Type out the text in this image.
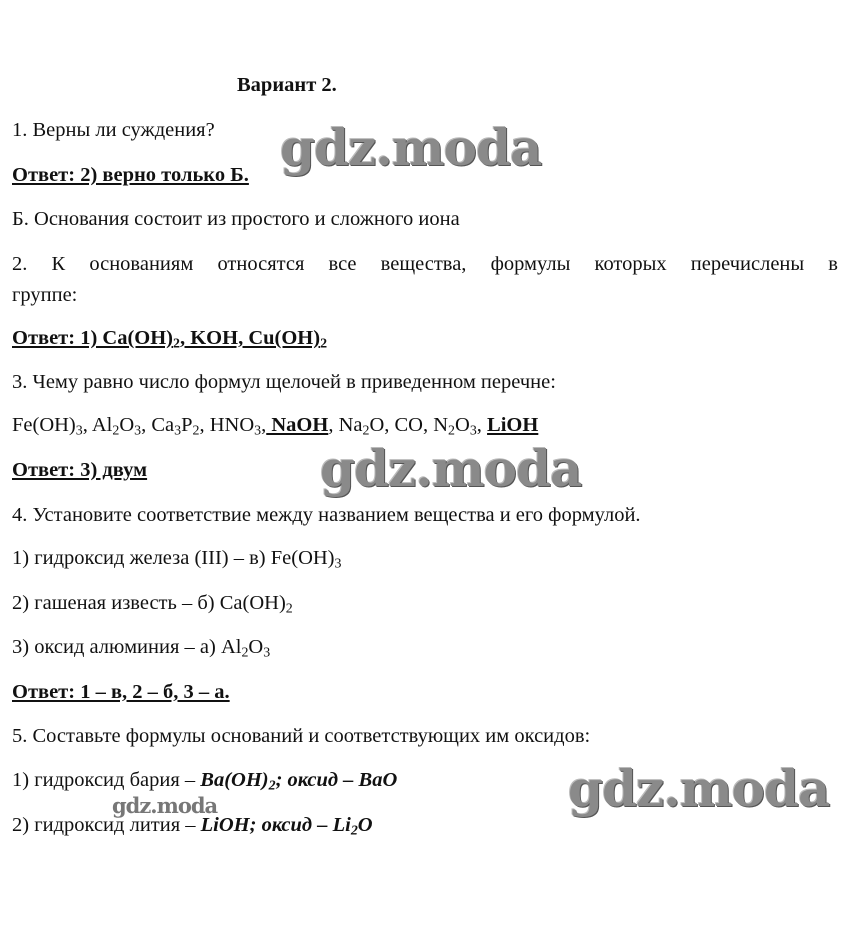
Вариант 2.
1. Верны ли суждения?
Ответ: 2) верно только Б.
Б. Основания состоит из простого и сложного иона
2. К основаниям относятся все вещества, формулы которых перечислены в
группе:
Ответ: 1) $Ca(OH)_2$, KOH, $Cu(OH)_2$
3. Чему равно число формул щелочей в приведенном перечне:
$Fe(OH)_3$, $Al_2O_3$, $Ca_3P_2$, $HNO_3$, NaOH, $Na_2O$, CO, $N_2O_3$, LiOH
Ответ: 3) двум
4. Установите соответствие между названием вещества и его формулой.
1) гидроксид железа (III) – в) $Fe(OH)_3$
2) гашеная известь – б) $Ca(OH)_2$
3) оксид алюминия – а) $Al_2O_3$
Ответ: 1 – в, 2 – б, 3 – а.
5. Составьте формулы оснований и соответствующих им оксидов:
1) гидроксид бария – $Ba(OH)_2$; оксид – BaO
2) гидроксид лития – LiOH; оксид – $Li_2O$
gdz.moda
gdz.moda
gdz.moda
gdz.moda
